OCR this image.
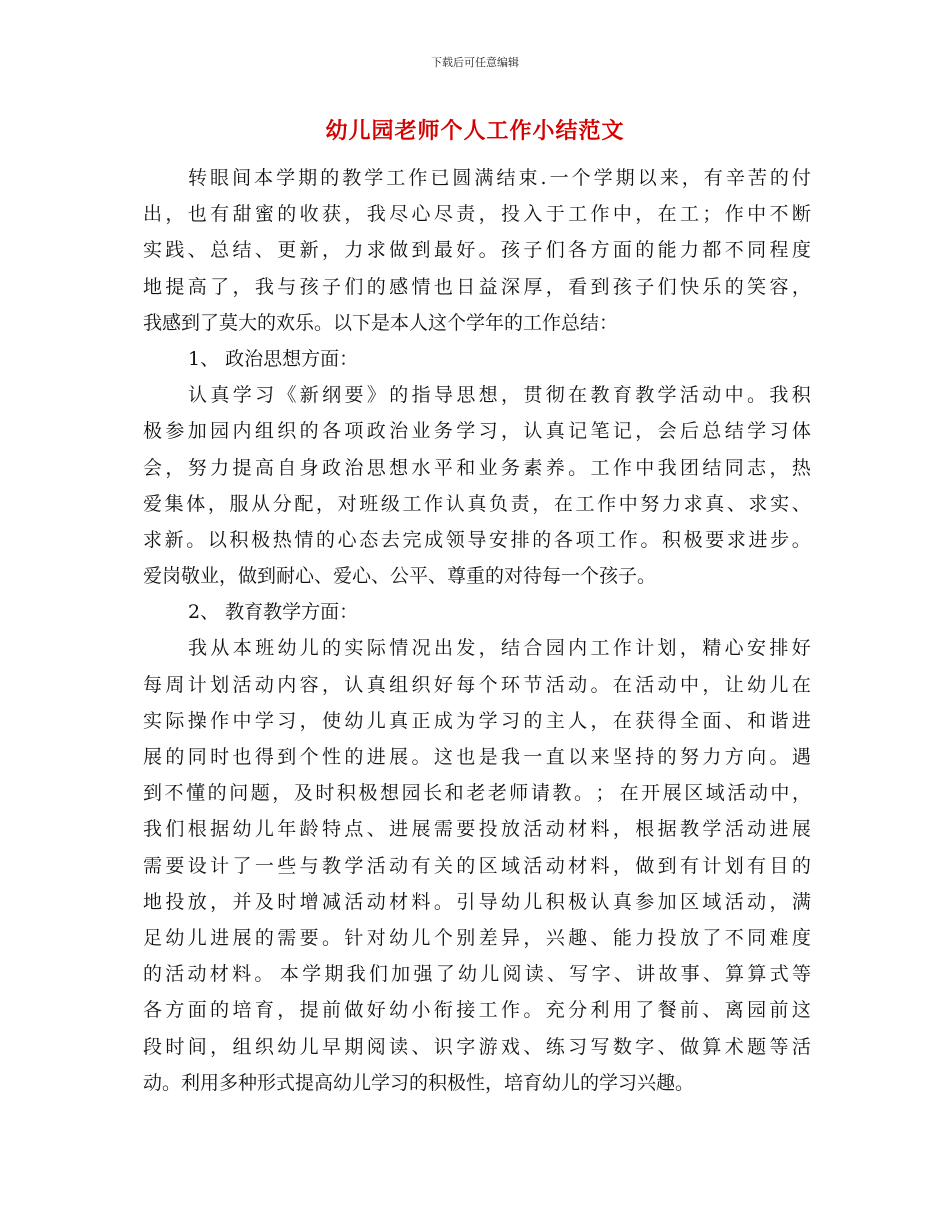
下载后可任意编辑
幼儿园老师个人工作小结范文
转 眼 间 本 学 期 的 教 学 工 作 已 圆 满 结 束 . 一 个 学 期 以 来 ， 有 辛 苦 的 付
出 ， 也 有 甜 蜜 的 收 获 ， 我 尽 心 尽 责 ， 投 入 于 工 作 中 ， 在 工 ； 作 中 不 断
实 践 、 总 结 、 更 新 ， 力 求 做 到 最 好 。 孩 子 们 各 方 面 的 能 力 都 不 同 程 度
地 提 高 了 ， 我 与 孩 子 们 的 感 情 也 日 益 深 厚 ， 看 到 孩 子 们 快 乐 的 笑 容 ，
我感到了莫大的欢乐。以下是本人这个学年的工作总结：
1、 政治思想方面：
认 真 学 习 《 新 纲 要 》 的 指 导 思 想 ， 贯 彻 在 教 育 教 学 活 动 中 。 我 积
极 参 加 园 内 组 织 的 各 项 政 治 业 务 学 习 ， 认 真 记 笔 记 ， 会 后 总 结 学 习 体
会 ， 努 力 提 高 自 身 政 治 思 想 水 平 和 业 务 素 养 。 工 作 中 我 团 结 同 志 ， 热
爱 集 体 ， 服 从 分 配 ， 对 班 级 工 作 认 真 负 责 ， 在 工 作 中 努 力 求 真 、 求 实 、
求 新 。 以 积 极 热 情 的 心 态 去 完 成 领 导 安 排 的 各 项 工 作 。 积 极 要 求 进 步 。
爱岗敬业，做到耐心、爱心、公平、尊重的对待每一个孩子。
2、 教育教学方面：
我 从 本 班 幼 儿 的 实 际 情 况 出 发 ， 结 合 园 内 工 作 计 划 ， 精 心 安 排 好
每 周 计 划 活 动 内 容 ， 认 真 组 织 好 每 个 环 节 活 动 。 在 活 动 中 ， 让 幼 儿 在
实 际 操 作 中 学 习 ， 使 幼 儿 真 正 成 为 学 习 的 主 人 ， 在 获 得 全 面 、 和 谐 进
展 的 同 时 也 得 到 个 性 的 进 展 。 这 也 是 我 一 直 以 来 坚 持 的 努 力 方 向 。 遇
到 不 懂 的 问 题 ， 及 时 积 极 想 园 长 和 老 老 师 请 教 。 ； 在 开 展 区 域 活 动 中 ，
我 们 根 据 幼 儿 年 龄 特 点 、 进 展 需 要 投 放 活 动 材 料 ， 根 据 教 学 活 动 进 展
需 要 设 计 了 一 些 与 教 学 活 动 有 关 的 区 域 活 动 材 料 ， 做 到 有 计 划 有 目 的
地 投 放 ， 并 及 时 增 减 活 动 材 料 。 引 导 幼 儿 积 极 认 真 参 加 区 域 活 动 ， 满
足 幼 儿 进 展 的 需 要 。 针 对 幼 儿 个 别 差 异 ， 兴 趣 、 能 力 投 放 了 不 同 难 度
的 活 动 材 料 。 本 学 期 我 们 加 强 了 幼 儿 阅 读 、 写 字 、 讲 故 事 、 算 算 式 等
各 方 面 的 培 育 ， 提 前 做 好 幼 小 衔 接 工 作 。 充 分 利 用 了 餐 前 、 离 园 前 这
段 时 间 ， 组 织 幼 儿 早 期 阅 读 、 识 字 游 戏 、 练 习 写 数 字 、 做 算 术 题 等 活
动。利用多种形式提高幼儿学习的积极性，培育幼儿的学习兴趣。
